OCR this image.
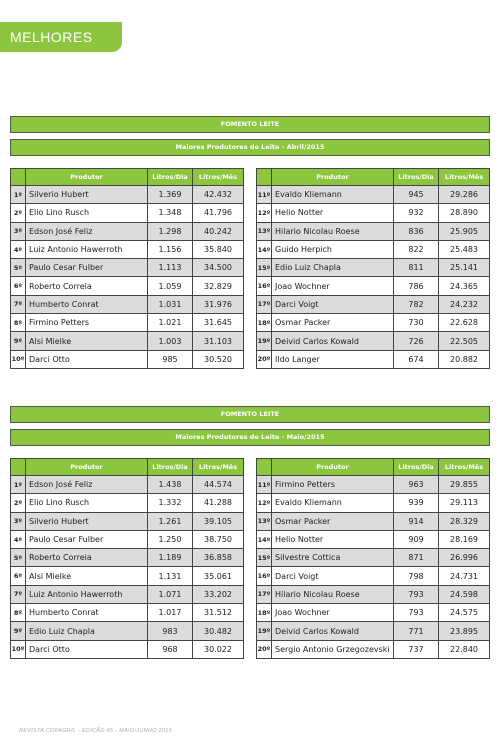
MELHORES
FOMENTO LEITE
Maiores Produtores de Leite - Abril/2015
	Produtor	Litros/Dia	Litros/Mês
1º	Silverio Hubert	1.369	42.432
2º	Elio Lino Rusch	1.348	41.796
3º	Edson José Feliz	1.298	40.242
4º	Luiz Antonio Hawerroth	1.156	35.840
5º	Paulo Cesar Fulber	1.113	34.500
6º	Roberto Correia	1.059	32.829
7º	Humberto Conrat	1.031	31.976
8º	Firmino Petters	1.021	31.645
9º	Alsi Mielke	1.003	31.103
10º	Darci Otto	985	30.520
	Produtor	Litros/Dia	Litros/Mês
11º	Evaldo Kliemann	945	29.286
12º	Helio Notter	932	28.890
13º	Hilario Nicolau Roese	836	25.905
14º	Guido Herpich	822	25.483
15º	Edio Luiz Chapla	811	25.141
16º	Joao Wochner	786	24.365
17º	Darci Voigt	782	24.232
18º	Osmar Packer	730	22.628
19º	Deivid Carlos Kowald	726	22.505
20º	Ildo Langer	674	20.882
FOMENTO LEITE
Maiores Produtores de Leite - Maio/2015
	Produtor	Litros/Dia	Litros/Mês
1º	Edson José Feliz	1.438	44.574
2º	Elio Lino Rusch	1.332	41.288
3º	Silverio Hubert	1.261	39.105
4º	Paulo Cesar Fulber	1.250	38.750
5º	Roberto Correia	1.189	36.858
6º	Alsi Mielke	1.131	35.061
7º	Luiz Antonio Hawerroth	1.071	33.202
8º	Humberto Conrat	1.017	31.512
9º	Edio Luiz Chapla	983	30.482
10º	Darci Otto	968	30.022
	Produtor	Litros/Dia	Litros/Mês
11º	Firmino Petters	963	29.855
12º	Evaldo Kliemann	939	29.113
13º	Osmar Packer	914	28.329
14º	Helio Notter	909	28.169
15º	Silvestre Cottica	871	26.996
16º	Darci Voigt	798	24.731
17º	Hilario Nicolau Roese	793	24.598
18º	Joao Wochner	793	24.575
19º	Deivid Carlos Kowald	771	23.895
20º	Sergio Antonio Grzegozevski	737	22.840
REVISTA COPAGRIL - EDIÇÃO 85 - MAIO/JUNHO 2015
